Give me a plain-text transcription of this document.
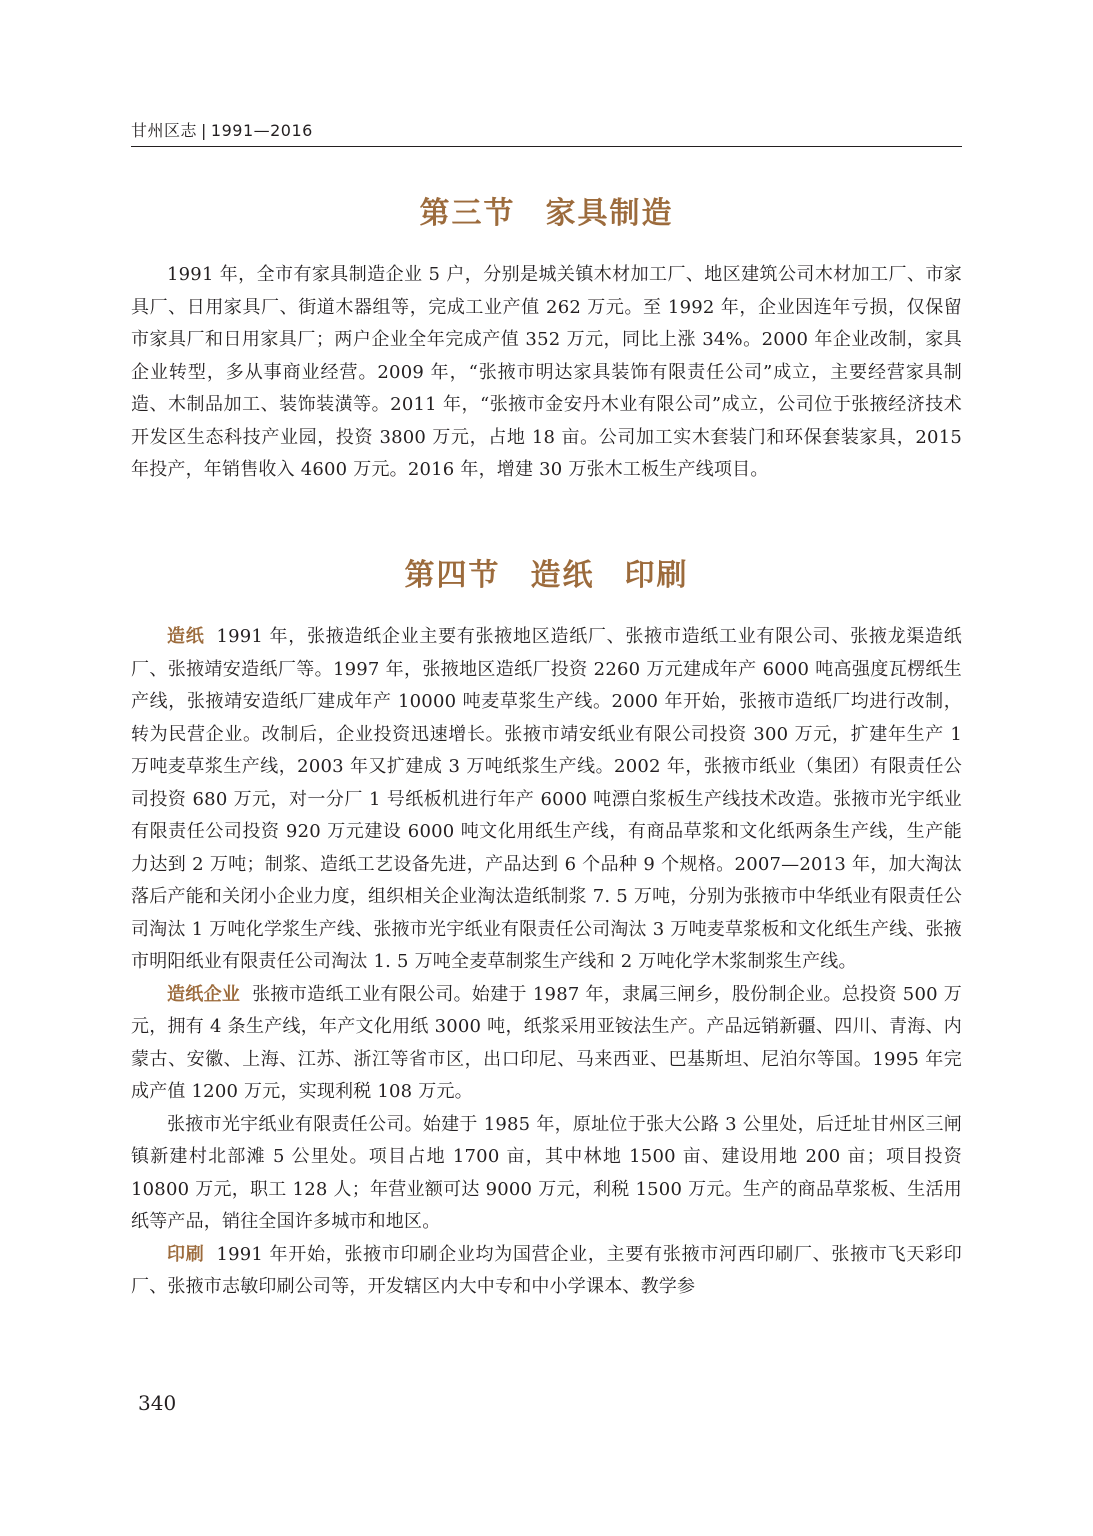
甘州区志 | 1991—2016
第三节 家具制造

1991 年，全市有家具制造企业 5 户，分别是城关镇木材加工厂、地区建筑公司木材加工厂、市家具厂、日用家具厂、街道木器组等，完成工业产值 262 万元。至 1992 年，企业因连年亏损，仅保留市家具厂和日用家具厂；两户企业全年完成产值 352 万元，同比上涨 34%。2000 年企业改制，家具企业转型，多从事商业经营。2009 年，“张掖市明达家具装饰有限责任公司”成立，主要经营家具制造、木制品加工、装饰装潢等。2011 年，“张掖市金安丹木业有限公司”成立，公司位于张掖经济技术开发区生态科技产业园，投资 3800 万元，占地 18 亩。公司加工实木套装门和环保套装家具，2015 年投产，年销售收入 4600 万元。2016 年，增建 30 万张木工板生产线项目。

第四节 造纸 印刷

造纸 1991 年，张掖造纸企业主要有张掖地区造纸厂、张掖市造纸工业有限公司、张掖龙渠造纸厂、张掖靖安造纸厂等。1997 年，张掖地区造纸厂投资 2260 万元建成年产 6000 吨高强度瓦楞纸生产线，张掖靖安造纸厂建成年产 10000 吨麦草浆生产线。2000 年开始，张掖市造纸厂均进行改制，转为民营企业。改制后，企业投资迅速增长。张掖市靖安纸业有限公司投资 300 万元，扩建年生产 1 万吨麦草浆生产线，2003 年又扩建成 3 万吨纸浆生产线。2002 年，张掖市纸业（集团）有限责任公司投资 680 万元，对一分厂 1 号纸板机进行年产 6000 吨漂白浆板生产线技术改造。张掖市光宇纸业有限责任公司投资 920 万元建设 6000 吨文化用纸生产线，有商品草浆和文化纸两条生产线，生产能力达到 2 万吨；制浆、造纸工艺设备先进，产品达到 6 个品种 9 个规格。2007—2013 年，加大淘汰落后产能和关闭小企业力度，组织相关企业淘汰造纸制浆 7. 5 万吨，分别为张掖市中华纸业有限责任公司淘汰 1 万吨化学浆生产线、张掖市光宇纸业有限责任公司淘汰 3 万吨麦草浆板和文化纸生产线、张掖市明阳纸业有限责任公司淘汰 1. 5 万吨全麦草制浆生产线和 2 万吨化学木浆制浆生产线。

造纸企业 张掖市造纸工业有限公司。始建于 1987 年，隶属三闸乡，股份制企业。总投资 500 万元，拥有 4 条生产线，年产文化用纸 3000 吨，纸浆采用亚铵法生产。产品远销新疆、四川、青海、内蒙古、安徽、上海、江苏、浙江等省市区，出口印尼、马来西亚、巴基斯坦、尼泊尔等国。1995 年完成产值 1200 万元，实现利税 108 万元。

张掖市光宇纸业有限责任公司。始建于 1985 年，原址位于张大公路 3 公里处，后迁址甘州区三闸镇新建村北部滩 5 公里处。项目占地 1700 亩，其中林地 1500 亩、建设用地 200 亩；项目投资 10800 万元，职工 128 人；年营业额可达 9000 万元，利税 1500 万元。生产的商品草浆板、生活用纸等产品，销往全国许多城市和地区。

印刷 1991 年开始，张掖市印刷企业均为国营企业，主要有张掖市河西印刷厂、张掖市飞天彩印厂、张掖市志敏印刷公司等，开发辖区内大中专和中小学课本、教学参

340
